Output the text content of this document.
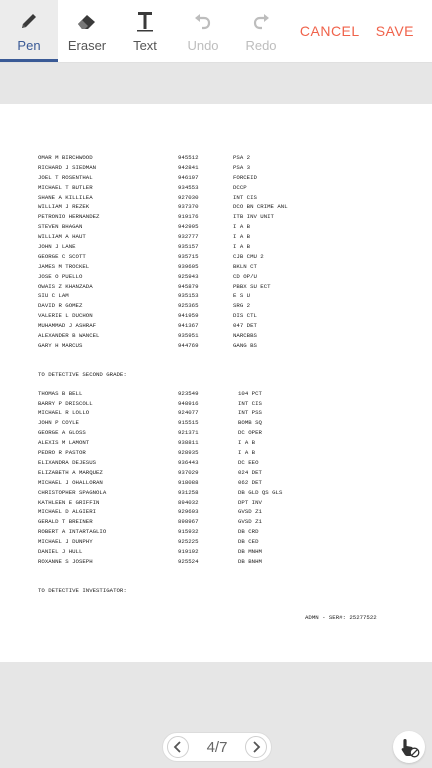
Pen Eraser Text Undo Redo
CANCEL	SAVE
OMAR M BIRCHWOOD	945512	PSA 2
RICHARD J SIEDMAN	942841	PSA 3
JOEL T ROSENTHAL	946197	FORCEID
MICHAEL T BUTLER	934553	DCCP
SHANE A KILLILEA	927030	INT CIS
WILLIAM J REZEK	937370	DCO BN CRIME ANL
PETRONIO HERNANDEZ	919176	ITB INV UNIT
STEVEN BHAGAN	942995	I A B
WILLIAM A HAUT	932777	I A B
JOHN J LANE	935157	I A B
GEORGE C SCOTT	935715	CJB CMU 2
JAMES M TROCKEL	939605	BKLN CT
JOSE O PUELLO	925943	CD OP/U
OWAIS Z KHANZADA	945879	PBBX SU ECT
SIU C LAM	935153	E S U
DAVID R GOMEZ	925365	SRG 2
VALERIE L DUCHON	941959	DIS CTL
MUHAMMAD J ASHRAF	941367	047 DET
ALEXANDER B WANCEL	935951	NARCBBS
GARY H MARCUS	944769	GANG BS
TO DETECTIVE SECOND GRADE:
THOMAS B BELL	923549	104 PCT
BARRY P DRISCOLL	948916	INT CIS
MICHAEL R LOLLO	924077	INT PSS
JOHN P COYLE	915515	BOMB SQ
GEORGE A GLOSS	921371	DC OPER
ALEXIS M LAMONT	938811	I A B
PEDRO R PASTOR	928935	I A B
ELIXANDRA DEJESUS	936443	DC EEO
ELIZABETH A MARQUEZ	937029	024 DET
MICHAEL J OHALLORAN	918088	062 DET
CHRISTOPHER SPAGNOLA	931258	DB GLD QS GLS
KATHLEEN E GRIFFIN	894032	DPT INV
MICHAEL D ALGIERI	929603	GVSD Z1
GERALD T BREINER	898967	GVSD Z1
ROBERT A INTARTAGLIO	915932	DB CRD
MICHAEL J DUNPHY	925225	DB CED
DANIEL J HULL	919192	DB MNHM
ROXANNE S JOSEPH	925524	DB BNHM
TO DETECTIVE INVESTIGATOR:
ADMN - SER#: 25277522
4/7
